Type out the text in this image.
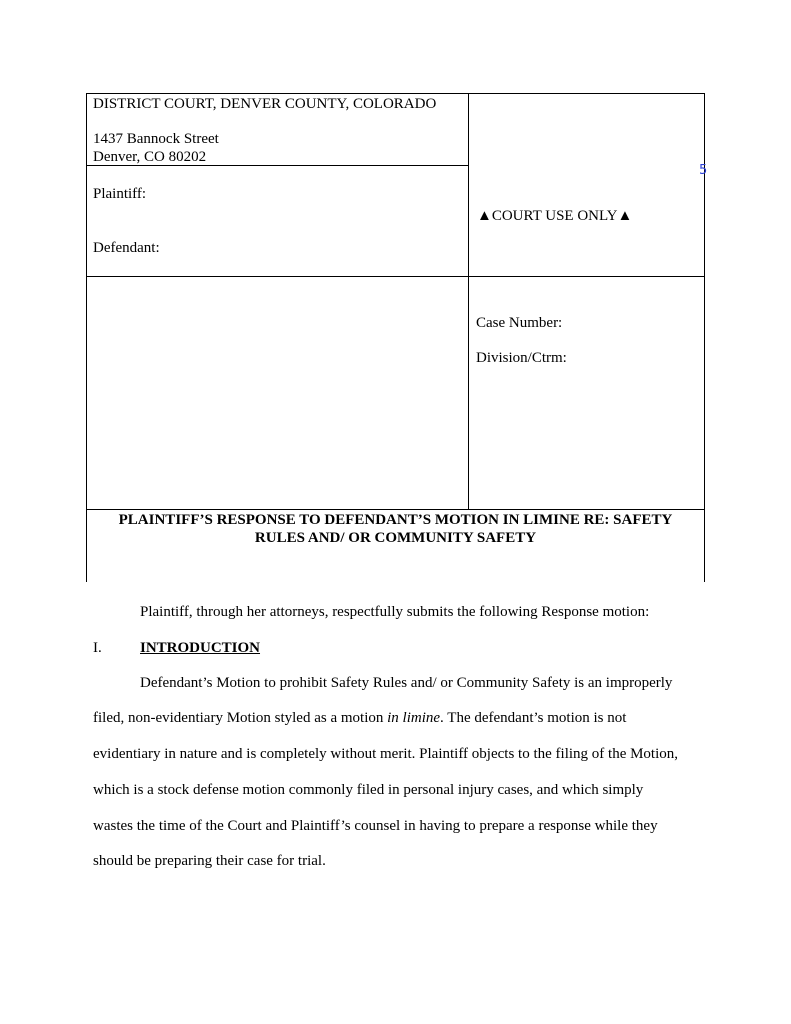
DISTRICT COURT, DENVER COUNTY, COLORADO
1437 Bannock Street
Denver, CO 80202
Plaintiff:
Defendant:
▲COURT USE ONLY▲
Case Number:
Division/Ctrm:
PLAINTIFF’S RESPONSE TO DEFENDANT’S MOTION IN LIMINE RE: SAFETY
RULES AND/ OR COMMUNITY SAFETY
5
Plaintiff, through her attorneys, respectfully submits the following Response motion:
I.	INTRODUCTION
Defendant’s Motion to prohibit Safety Rules and/ or Community Safety is an improperly
filed, non-evidentiary Motion styled as a motion in limine. The defendant’s motion is not
evidentiary in nature and is completely without merit. Plaintiff objects to the filing of the Motion,
which is a stock defense motion commonly filed in personal injury cases, and which simply
wastes the time of the Court and Plaintiff’s counsel in having to prepare a response while they
should be preparing their case for trial.
